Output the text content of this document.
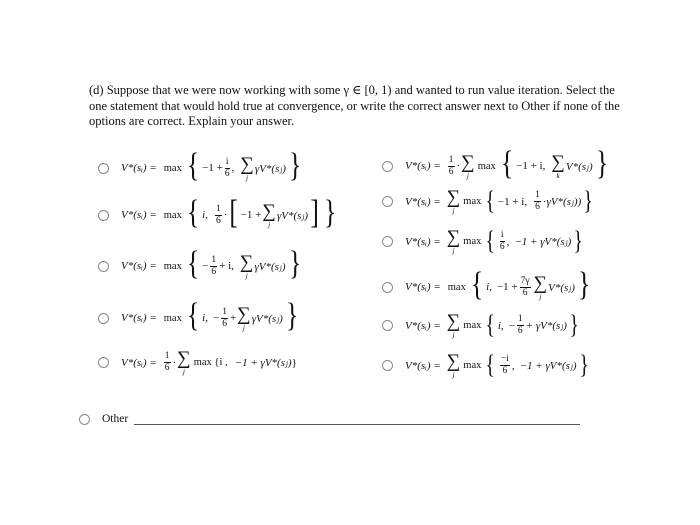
(d) Suppose that we were now working with some γ ∈ [0, 1) and wanted to run value iteration. Select the one statement that would hold true at convergence, or write the correct answer next to Other if none of the options are correct. Explain your answer.
V*(sᵢ) = max { $-1 + \frac{i}{6}$ , ∑
j
γV*(sⱼ) }
V*(sᵢ) = max { i , $\frac{1}{6}$ · [ −1 + ∑
j
γV*(sⱼ) ] }
V*(sᵢ) = max { − $\frac{1}{6} + i$ , ∑
j
γV*(sⱼ) }
V*(sᵢ) = max { i , − $\frac{1}{6}$ + ∑
j
γV*(sⱼ) }
V*(sᵢ) = $\frac{1}{6}$ · ∑
j
max {i , −1 + γV*(sⱼ) }
V*(sᵢ) = $\frac{1}{6}$ · ∑
j
max { −1 + i , ∑
k
V*(sⱼ) }
V*(sᵢ) = ∑
j
max { −1 + i , $\frac{1}{6}$ · γV*(sⱼ)) }
V*(sᵢ) = ∑
j
max { $\frac{i}{6}$ , −1 + γV*(sⱼ) }
V*(sᵢ) = max { i , $-1 + \frac{7\gamma}{6}$ ∑
j
V*(sⱼ) }
V*(sᵢ) = ∑
j
max { i , − $\frac{1}{6}$ + γV*(sⱼ) }
V*(sᵢ) = ∑
j
max { $\frac{-i}{6}$ , −1 + γV*(sⱼ) }
Other
